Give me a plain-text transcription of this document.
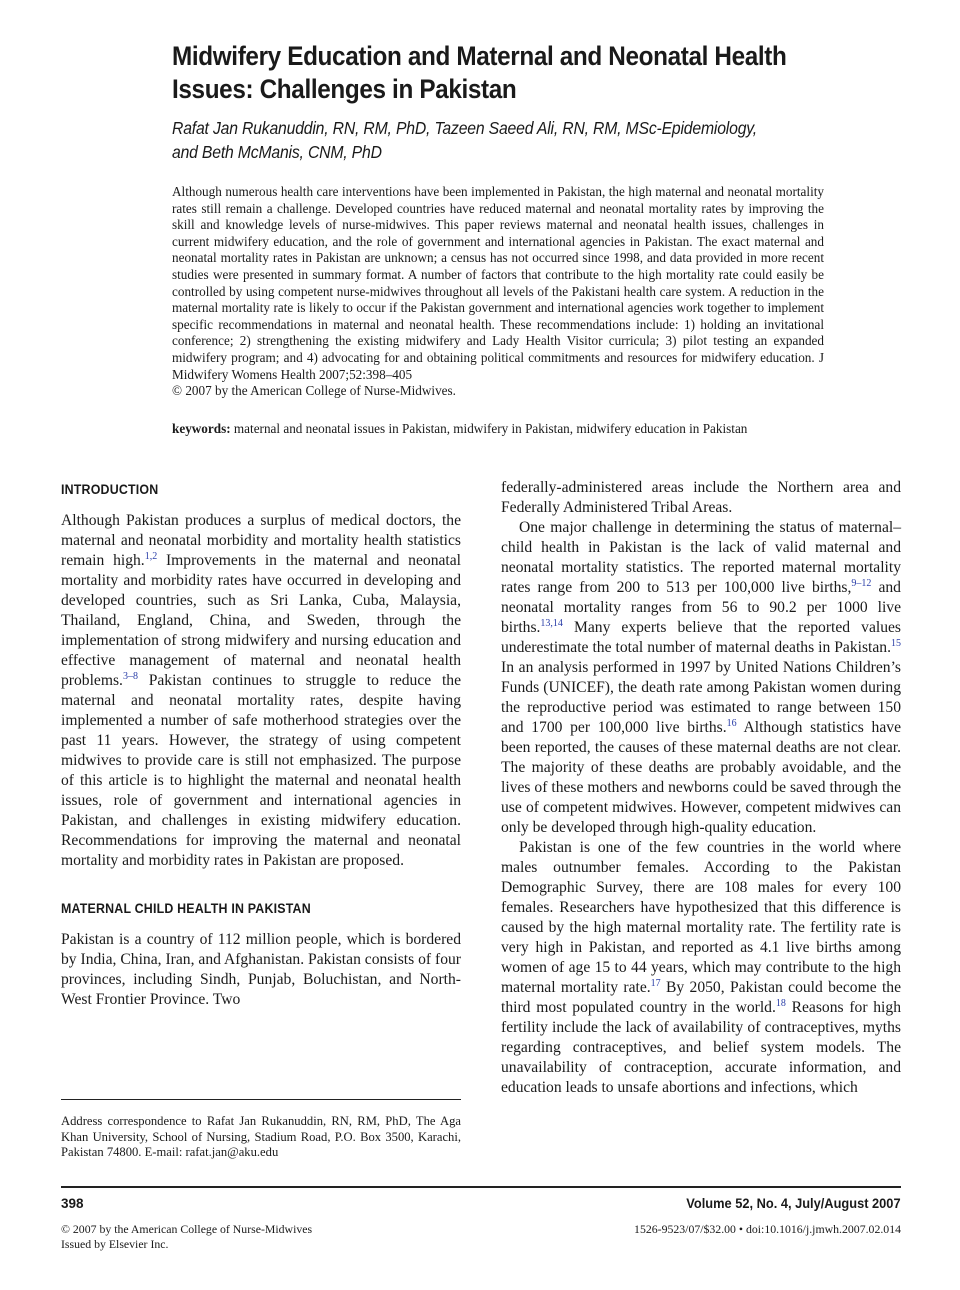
Midwifery Education and Maternal and Neonatal Health Issues: Challenges in Pakistan
Rafat Jan Rukanuddin, RN, RM, PhD, Tazeen Saeed Ali, RN, RM, MSc-Epidemiology,
and Beth McManis, CNM, PhD
Although numerous health care interventions have been implemented in Pakistan, the high maternal and neonatal mortality rates still remain a challenge. Developed countries have reduced maternal and neonatal mortality rates by improving the skill and knowledge levels of nurse-midwives. This paper reviews maternal and neonatal health issues, challenges in current midwifery education, and the role of government and international agencies in Pakistan. The exact maternal and neonatal mortality rates in Pakistan are unknown; a census has not occurred since 1998, and data provided in more recent studies were presented in summary format. A number of factors that contribute to the high mortality rate could easily be controlled by using competent nurse-midwives throughout all levels of the Pakistani health care system. A reduction in the maternal mortality rate is likely to occur if the Pakistan government and international agencies work together to implement specific recommendations in maternal and neonatal health. These recommendations include: 1) holding an invitational conference; 2) strengthening the existing midwifery and Lady Health Visitor curricula; 3) pilot testing an expanded midwifery program; and 4) advocating for and obtaining political commitments and resources for midwifery education. J Midwifery Womens Health 2007;52:398–405
© 2007 by the American College of Nurse-Midwives.
keywords: maternal and neonatal issues in Pakistan, midwifery in Pakistan, midwifery education in Pakistan
INTRODUCTION

Although Pakistan produces a surplus of medical doctors, the maternal and neonatal morbidity and mortality health statistics remain high.$^{1,2}$ Improvements in the maternal and neonatal mortality and morbidity rates have occurred in developing and developed countries, such as Sri Lanka, Cuba, Malaysia, Thailand, England, China, and Sweden, through the implementation of strong midwifery and nursing education and effective management of maternal and neonatal health problems.$^{3-8}$ Pakistan continues to struggle to reduce the maternal and neonatal mortality rates, despite having implemented a number of safe motherhood strategies over the past 11 years. However, the strategy of using competent midwives to provide care is still not emphasized. The purpose of this article is to highlight the maternal and neonatal health issues, role of government and international agencies in Pakistan, and challenges in existing midwifery education. Recommendations for improving the maternal and neonatal mortality and morbidity rates in Pakistan are proposed.

MATERNAL CHILD HEALTH IN PAKISTAN

Pakistan is a country of 112 million people, which is bordered by India, China, Iran, and Afghanistan. Pakistan consists of four provinces, including Sindh, Punjab, Boluchistan, and North-West Frontier Province. Two

federally-administered areas include the Northern area and Federally Administered Tribal Areas.

One major challenge in determining the status of maternal–child health in Pakistan is the lack of valid maternal and neonatal mortality statistics. The reported maternal mortality rates range from 200 to 513 per 100,000 live births,$^{9-12}$ and neonatal mortality ranges from 56 to 90.2 per 1000 live births.$^{13,14}$ Many experts believe that the reported values underestimate the total number of maternal deaths in Pakistan.$^{15}$ In an analysis performed in 1997 by United Nations Children’s Funds (UNICEF), the death rate among Pakistan women during the reproductive period was estimated to range between 150 and 1700 per 100,000 live births.$^{16}$ Although statistics have been reported, the causes of these maternal deaths are not clear. The majority of these deaths are probably avoidable, and the lives of these mothers and newborns could be saved through the use of competent midwives. However, competent midwives can only be developed through high-quality education.

Pakistan is one of the few countries in the world where males outnumber females. According to the Pakistan Demographic Survey, there are 108 males for every 100 females. Researchers have hypothesized that this difference is caused by the high maternal mortality rate. The fertility rate is very high in Pakistan, and reported as 4.1 live births among women of age 15 to 44 years, which may contribute to the high maternal mortality rate.$^{17}$ By 2050, Pakistan could become the third most populated country in the world.$^{18}$ Reasons for high fertility include the lack of availability of contraceptives, myths regarding contraceptives, and belief system models. The unavailability of contraception, accurate information, and education leads to unsafe abortions and infections, which

Address correspondence to Rafat Jan Rukanuddin, RN, RM, PhD, The Aga Khan University, School of Nursing, Stadium Road, P.O. Box 3500, Karachi, Pakistan 74800. E-mail: rafat.jan@aku.edu
398	Volume 52, No. 4, July/August 2007
© 2007 by the American College of Nurse-Midwives
Issued by Elsevier Inc.
1526-9523/07/$32.00 • doi:10.1016/j.jmwh.2007.02.014
